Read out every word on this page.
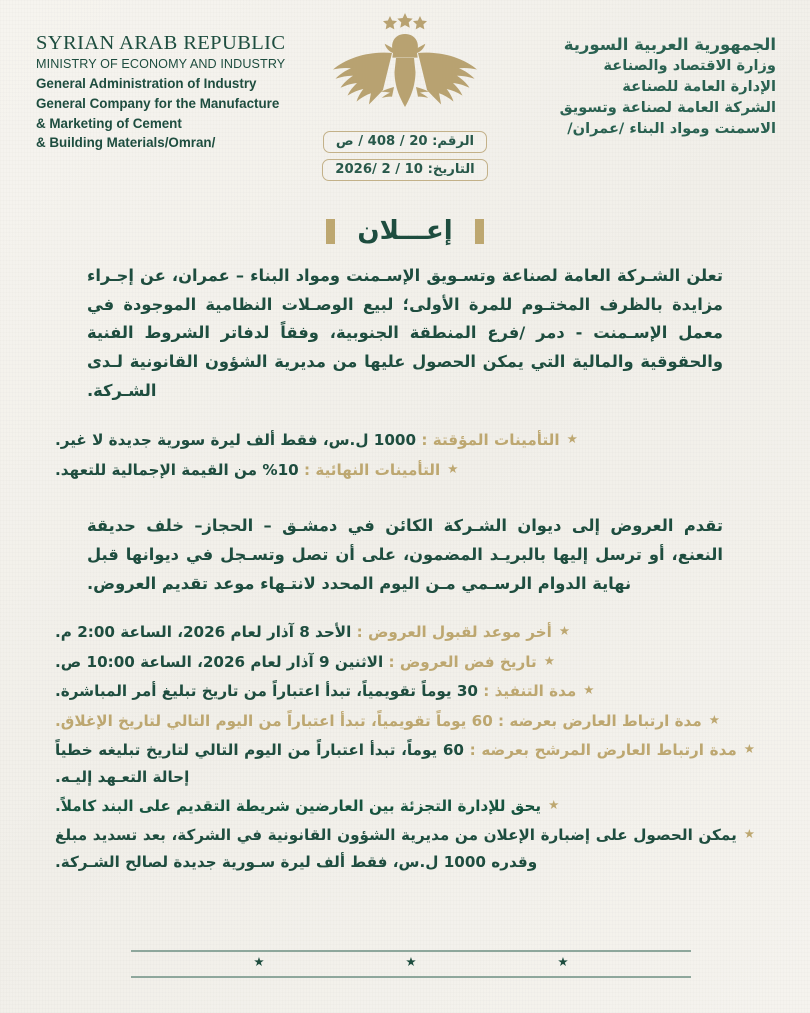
SYRIAN ARAB REPUBLIC
MINISTRY OF ECONOMY AND INDUSTRY
General Administration of Industry
General Company for the Manufacture
& Marketing of Cement
& Building Materials/Omran/	الرقم: 20 / 408 / ص
التاريخ: 10 / 2 /2026
الجمهورية العربية السورية
وزارة الاقتصاد والصناعة
الإدارة العامة للصناعة
الشركة العامة لصناعة وتسويق
الاسمنت ومواد البناء /عمران/
إعـــلان

تعلن الشـركة العامة لصناعة وتسـويق الإسـمنت ومواد البناء – عمران، عن إجـراء مزايدة بالظرف المختـوم للمرة الأولى؛ لبيع الوصـلات النظامية الموجودة في معمل الإسـمنت - دمر /فرع المنطقة الجنوبية، وفقاً لدفاتر الشروط الفنية والحقوقية والمالية التي يمكن الحصول عليها من مديرية الشؤون القانونية لـدى الشـركة.

★
التأمينات المؤقتة : 1000 ل.س، فقط ألف ليرة سورية جديدة لا غير.
★
التأمينات النهائية : 10% من القيمة الإجمالية للتعهد.

تقدم العروض إلى ديوان الشـركة الكائن في دمشـق – الحجاز– خلف حديقة النعنع، أو ترسل إليها بالبريـد المضمون، على أن تصل وتسـجل في ديوانها قبل نهاية الدوام الرسـمي مـن اليوم المحدد لانتـهاء موعد تقديم العروض.

★
أخر موعد لقبول العروض : الأحد 8 آذار لعام 2026، الساعة 2:00 م.
★
تاريخ فض العروض : الاثنين 9 آذار لعام 2026، الساعة 10:00 ص.
★
مدة التنفيذ : 30 يوماً تقويمياً، تبدأ اعتباراً من تاريخ تبليغ أمر المباشرة.
★
مدة ارتباط العارض بعرضه : 60 يوماً تقويمياً، تبدأ اعتباراً من اليوم التالي لتاريخ الإغلاق.
★
مدة ارتباط العارض المرشح بعرضه : 60 يوماً، تبدأ اعتباراً من اليوم التالي لتاريخ تبليغه خطياً إحالة التعـهد إليـه.
★
يحق للإدارة التجزئة بين العارضين شريطة التقديم على البند كاملاً.
★
يمكن الحصول على إضبارة الإعلان من مديرية الشؤون القانونية في الشركة، بعد تسديد مبلغ وقدره 1000 ل.س، فقط ألف ليرة سـورية جديدة لصالح الشـركة.
★
★
★
